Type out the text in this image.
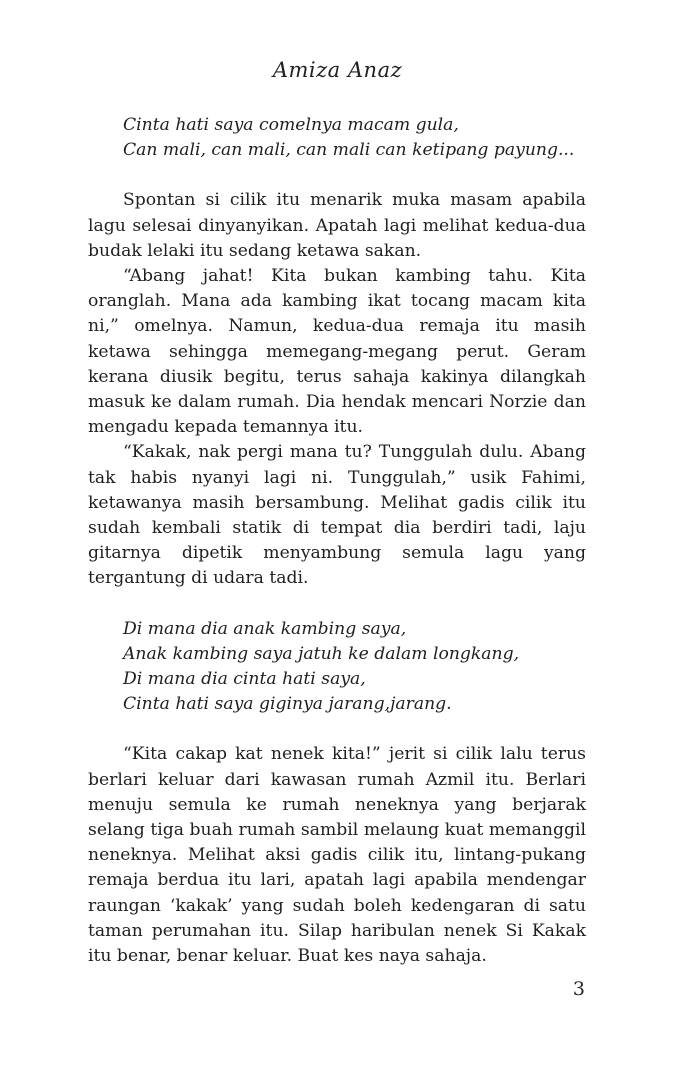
Amiza Anaz

Cinta hati saya comelnya macam gula,

Can mali, can mali, can mali can ketipang payung...

Spontan si cilik itu menarik muka masam apabila lagu selesai dinyanyikan. Apatah lagi melihat kedua-dua budak lelaki itu sedang ketawa sakan.

“Abang jahat! Kita bukan kambing tahu. Kita oranglah. Mana ada kambing ikat tocang macam kita ni,” omelnya. Namun, kedua-dua remaja itu masih ketawa sehingga memegang-megang perut. Geram kerana diusik begitu, terus sahaja kakinya dilangkah masuk ke dalam rumah. Dia hendak mencari Norzie dan mengadu kepada temannya itu.

“Kakak, nak pergi mana tu? Tunggulah dulu. Abang tak habis nyanyi lagi ni. Tunggulah,” usik Fahimi, ketawanya masih bersambung. Melihat gadis cilik itu sudah kembali statik di tempat dia berdiri tadi, laju gitarnya dipetik menyambung semula lagu yang tergantung di udara tadi.

Di mana dia anak kambing saya,

Anak kambing saya jatuh ke dalam longkang,

Di mana dia cinta hati saya,

Cinta hati saya giginya jarang,jarang.

“Kita cakap kat nenek kita!” jerit si cilik lalu terus berlari keluar dari kawasan rumah Azmil itu. Berlari menuju semula ke rumah neneknya yang berjarak selang tiga buah rumah sambil melaung kuat memanggil neneknya. Melihat aksi gadis cilik itu, lintang-pukang remaja berdua itu lari, apatah lagi apabila mendengar raungan ‘kakak’ yang sudah boleh kedengaran di satu taman perumahan itu. Silap haribulan nenek Si Kakak itu benar, benar keluar. Buat kes naya sahaja.

3
